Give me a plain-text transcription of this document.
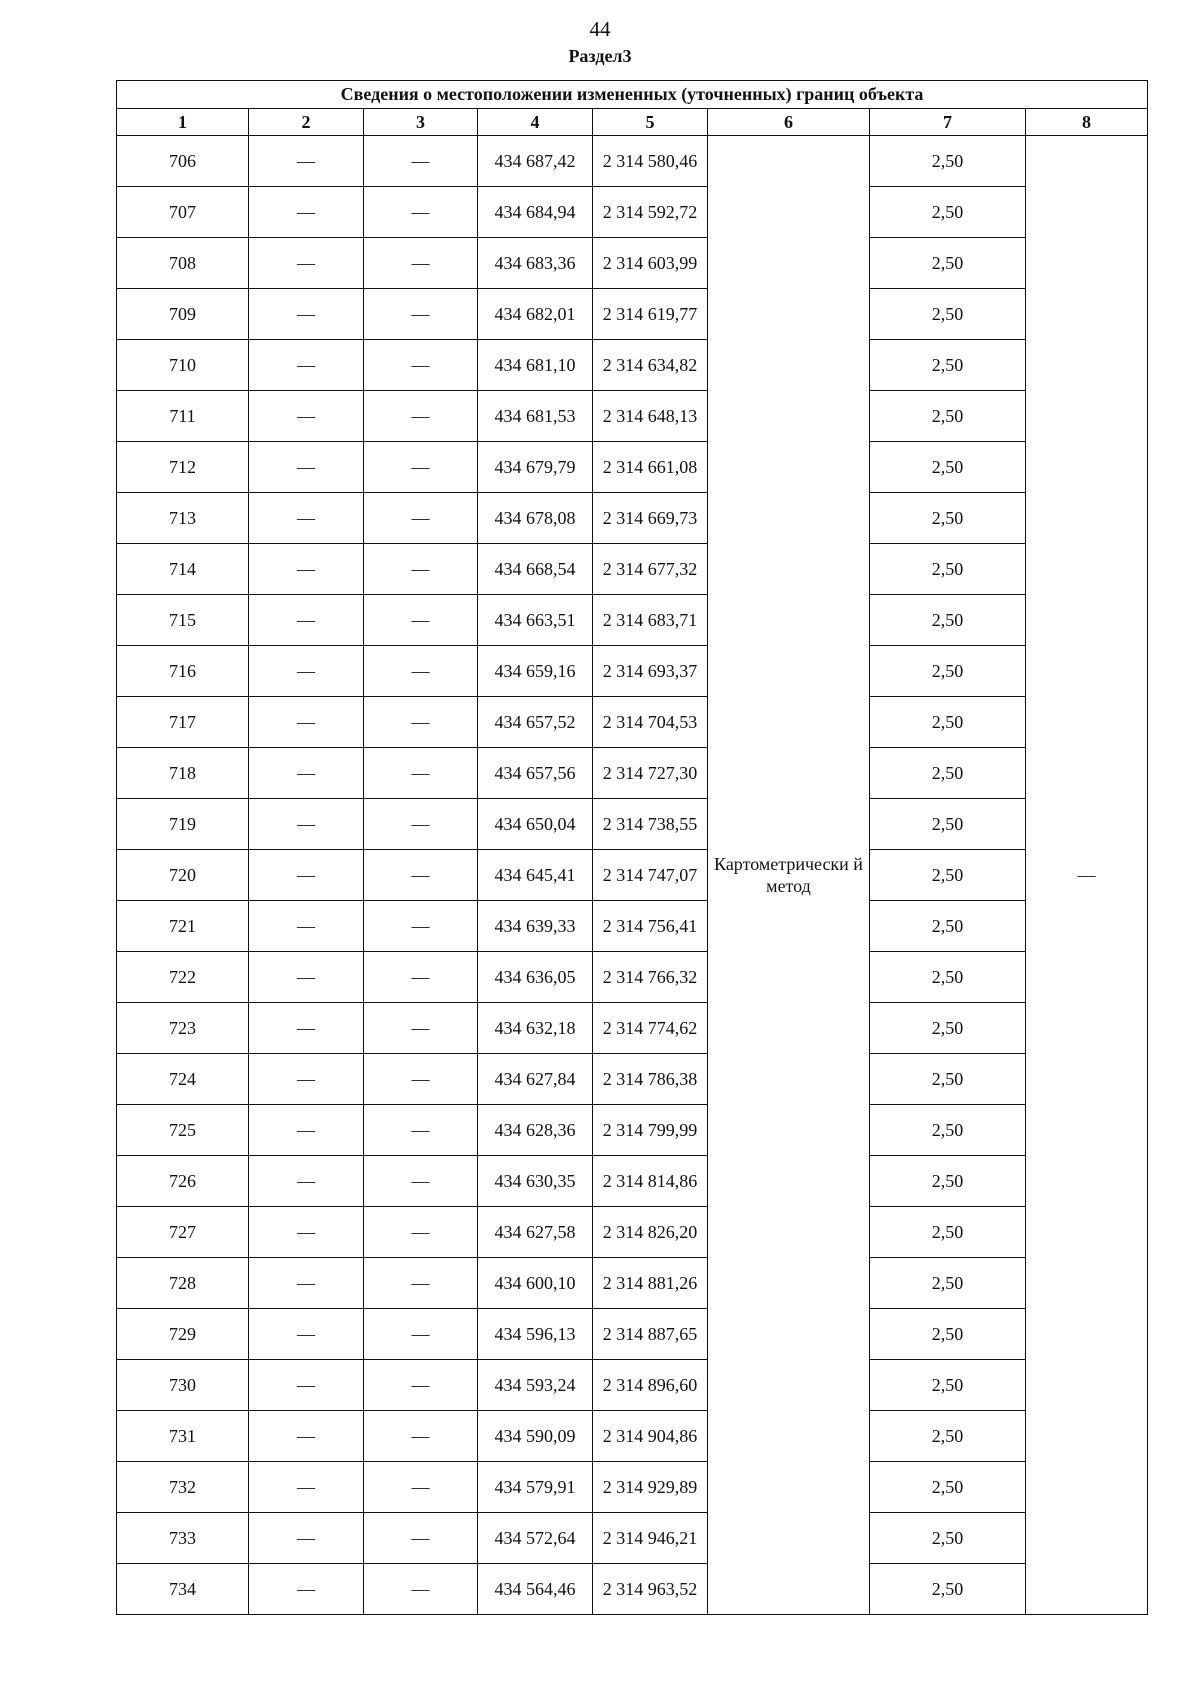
44
Раздел3
Сведения о местоположении измененных (уточненных) границ объекта							
1	2	3	4	5	6	7	8
706	—	—	434 687,42	2 314 580,46	Картометрически й метод	2,50	—
707	—	—	434 684,94	2 314 592,72		2,50	
708	—	—	434 683,36	2 314 603,99		2,50	
709	—	—	434 682,01	2 314 619,77		2,50	
710	—	—	434 681,10	2 314 634,82		2,50	
711	—	—	434 681,53	2 314 648,13		2,50	
712	—	—	434 679,79	2 314 661,08		2,50	
713	—	—	434 678,08	2 314 669,73		2,50	
714	—	—	434 668,54	2 314 677,32		2,50	
715	—	—	434 663,51	2 314 683,71		2,50	
716	—	—	434 659,16	2 314 693,37		2,50	
717	—	—	434 657,52	2 314 704,53		2,50	
718	—	—	434 657,56	2 314 727,30		2,50	
719	—	—	434 650,04	2 314 738,55		2,50	
720	—	—	434 645,41	2 314 747,07		2,50	
721	—	—	434 639,33	2 314 756,41		2,50	
722	—	—	434 636,05	2 314 766,32		2,50	
723	—	—	434 632,18	2 314 774,62		2,50	
724	—	—	434 627,84	2 314 786,38		2,50	
725	—	—	434 628,36	2 314 799,99		2,50	
726	—	—	434 630,35	2 314 814,86		2,50	
727	—	—	434 627,58	2 314 826,20		2,50	
728	—	—	434 600,10	2 314 881,26		2,50	
729	—	—	434 596,13	2 314 887,65		2,50	
730	—	—	434 593,24	2 314 896,60		2,50	
731	—	—	434 590,09	2 314 904,86		2,50	
732	—	—	434 579,91	2 314 929,89		2,50	
733	—	—	434 572,64	2 314 946,21		2,50	
734	—	—	434 564,46	2 314 963,52		2,50	
